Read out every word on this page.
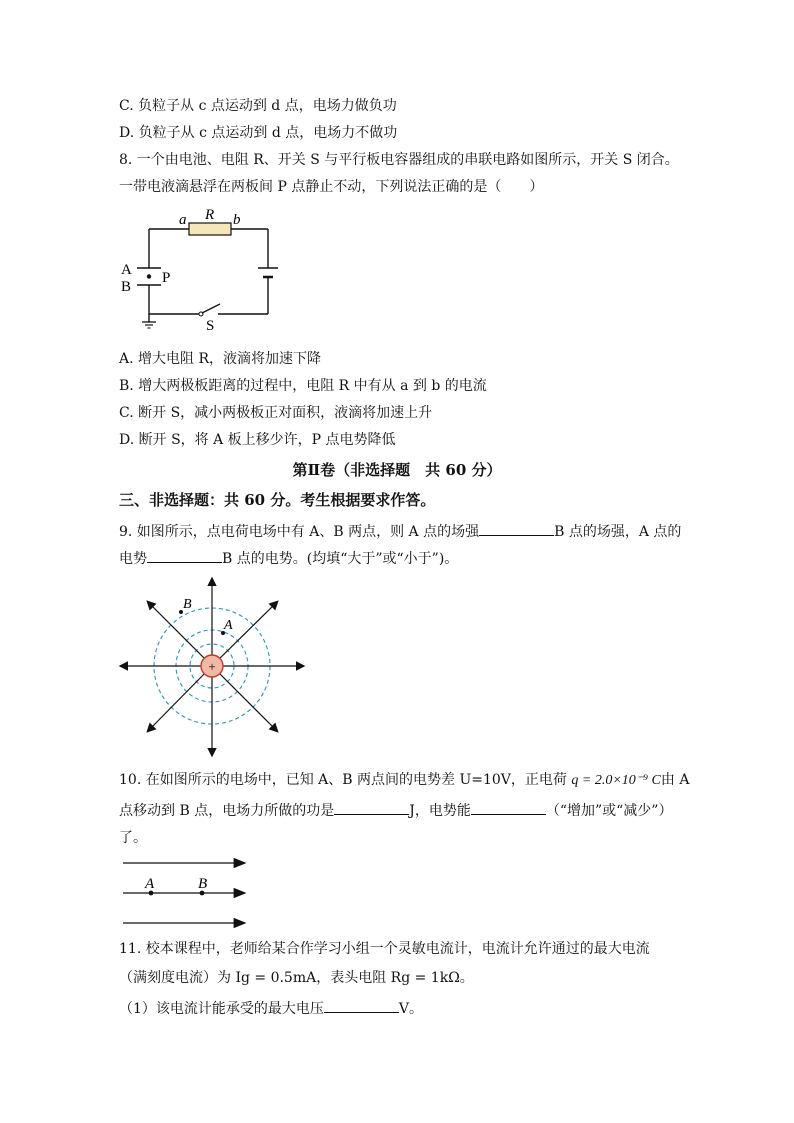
C. 负粒子从 c 点运动到 d 点，电场力做负功
D. 负粒子从 c 点运动到 d 点，电场力不做功
8. 一个由电池、电阻 R、开关 S 与平行板电容器组成的串联电路如图所示，开关 S 闭合。
一带电液滴悬浮在两板间 P 点静止不动，下列说法正确的是（　　）
a R b
A
B
P
S
A. 增大电阻 R，液滴将加速下降
B. 增大两极板距离的过程中，电阻 R 中有从 a 到 b 的电流
C. 断开 S，减小两极板正对面积，液滴将加速上升
D. 断开 S，将 A 板上移少许，P 点电势降低
第Ⅱ卷（非选择题　共 60 分）
三、非选择题：共 60 分。考生根据要求作答。
9. 如图所示，点电荷电场中有 A、B 两点，则 A 点的场强	B 点的场强，A 点的
电势	B 点的电势。(均填“大于”或“小于”)。
+
B
A
10. 在如图所示的电场中，已知 A、B 两点间的电势差 U=10V，正电荷 q = 2.0×10⁻⁹ C由 A
点移动到 B 点，电场力所做的功是	J，电势能	（“增加”或“减少”）
了。
A	B
11. 校本课程中，老师给某合作学习小组一个灵敏电流计，电流计允许通过的最大电流
（满刻度电流）为 Ig = 0.5mA，表头电阻 Rg = 1kΩ。
（1）该电流计能承受的最大电压	V。
